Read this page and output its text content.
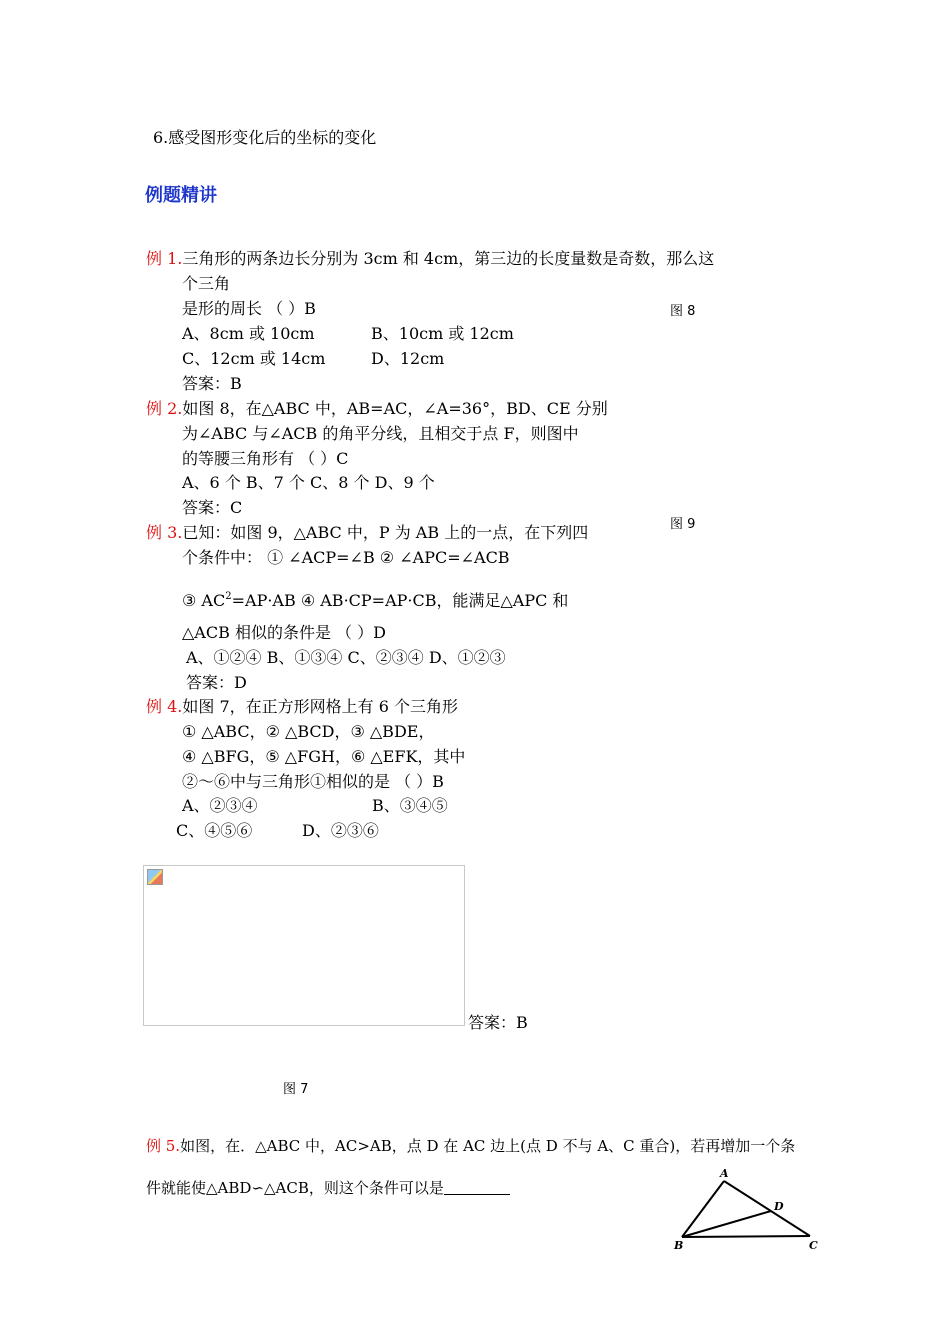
6.感受图形变化后的坐标的变化
例题精讲
例 1.三角形的两条边长分别为 3cm 和 4cm，第三边的长度量数是奇数，那么这
个三角
是形的周长 （ ）B	图 8
A、8cm 或 10cm	B、10cm 或 12cm
C、12cm 或 14cm	D、12cm
答案：B
例 2.如图 8，在△ABC 中，AB=AC，∠A=36°，BD、CE 分别
为∠ABC 与∠ACB 的角平分线，且相交于点 F，则图中
的等腰三角形有 （ ）C
A、6 个 B、7 个 C、8 个 D、9 个
答案：C
图 9
例 3.已知：如图 9，△ABC 中，P 为 AB 上的一点，在下列四
个条件中： ① ∠ACP=∠B ② ∠APC=∠ACB
③ $AC^2=AP\cdot AB$ ④ AB·CP=AP·CB，能满足△APC 和
△ACB 相似的条件是 （ ）D
A、①②④ B、①③④ C、②③④ D、①②③
答案：D
例 4.如图 7，在正方形网格上有 6 个三角形
① △ABC，② △BCD，③ △BDE，
④ △BFG，⑤ △FGH，⑥ △EFK，其中
②～⑥中与三角形①相似的是 （ ）B
A、②③④	B、③④⑤
C、④⑤⑥	D、②③⑥
答案：B
图 7
例 5.如图，在．△ABC 中，AC>AB，点 D 在 AC 边上(点 D 不与 A、C 重合)，若再增加一个条
件就能使△ABD∽△ACB，则这个条件可以是
A
B	C
D
